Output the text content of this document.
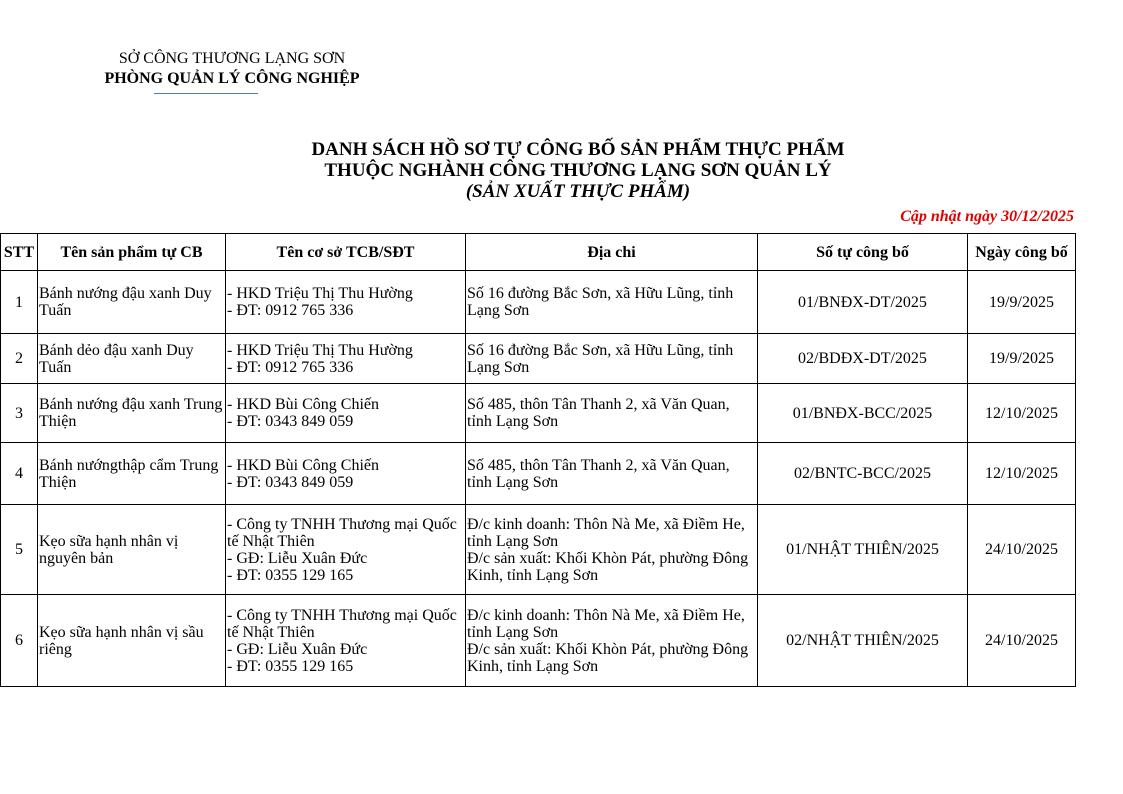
SỞ CÔNG THƯƠNG LẠNG SƠN
PHÒNG QUẢN LÝ CÔNG NGHIỆP
DANH SÁCH HỒ SƠ TỰ CÔNG BỐ SẢN PHẨM THỰC PHẨM
THUỘC NGHÀNH CÔNG THƯƠNG LẠNG SƠN QUẢN LÝ
(SẢN XUẤT THỰC PHẨM)
Cập nhật ngày 30/12/2025
STT	Tên sản phẩm tự CB	Tên cơ sở TCB/SĐT	Địa chi	Số tự công bố	Ngày công bố
1	Bánh nướng đậu xanh Duy Tuấn	- HKD Triệu Thị Thu Hường
- ĐT: 0912 765 336	Số 16 đường Bắc Sơn, xã Hữu Lũng, tỉnh Lạng Sơn	01/BNĐX-DT/2025	19/9/2025
2	Bánh dẻo đậu xanh Duy Tuấn	- HKD Triệu Thị Thu Hường
- ĐT: 0912 765 336	Số 16 đường Bắc Sơn, xã Hữu Lũng, tỉnh Lạng Sơn	02/BDĐX-DT/2025	19/9/2025
3	Bánh nướng đậu xanh Trung Thiện	- HKD Bùi Công Chiến
- ĐT: 0343 849 059	Số 485, thôn Tân Thanh 2, xã Văn Quan, tỉnh Lạng Sơn	01/BNĐX-BCC/2025	12/10/2025
4	Bánh nướngthập cẩm Trung Thiện	- HKD Bùi Công Chiến
- ĐT: 0343 849 059	Số 485, thôn Tân Thanh 2, xã Văn Quan, tỉnh Lạng Sơn	02/BNTC-BCC/2025	12/10/2025
5	Kẹo sữa hạnh nhân vị nguyên bản	- Công ty TNHH Thương mại Quốc tế Nhật Thiên
- GĐ: Liễu Xuân Đức
- ĐT: 0355 129 165	Đ/c kinh doanh: Thôn Nà Me, xã Điềm He, tỉnh Lạng Sơn
Đ/c sản xuất: Khối Khòn Pát, phường Đông Kinh, tỉnh Lạng Sơn	01/NHẬT THIÊN/2025	24/10/2025
6	Kẹo sữa hạnh nhân vị sầu riêng	- Công ty TNHH Thương mại Quốc tế Nhật Thiên
- GĐ: Liễu Xuân Đức
- ĐT: 0355 129 165	Đ/c kinh doanh: Thôn Nà Me, xã Điềm He, tỉnh Lạng Sơn
Đ/c sản xuất: Khối Khòn Pát, phường Đông Kinh, tỉnh Lạng Sơn	02/NHẬT THIÊN/2025	24/10/2025
